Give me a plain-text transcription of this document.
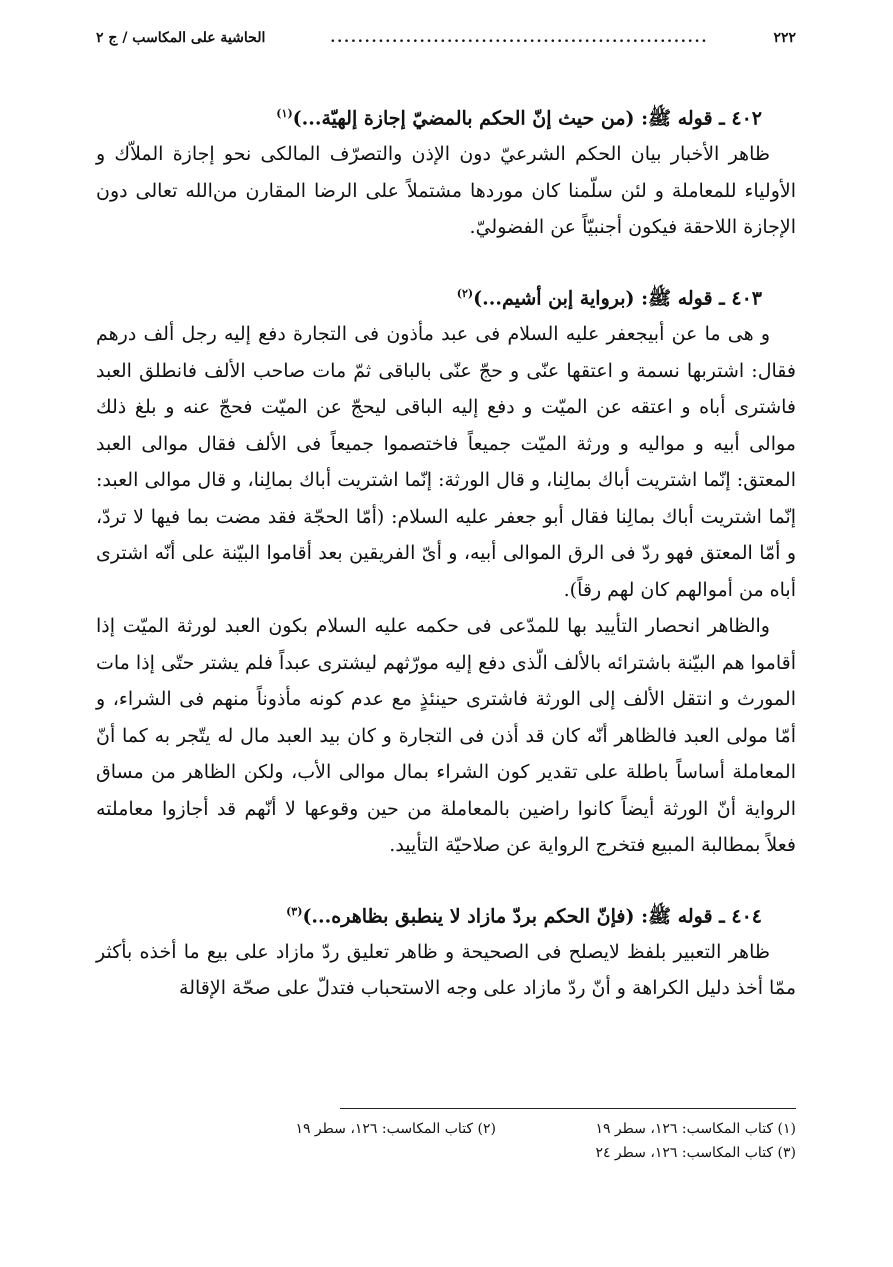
٢٢٢
.......................................................
الحاشية على المكاسب / ج ٢

٤٠٢ ـ قوله ﷺ: (من حيث إنّ الحكم بالمضيّ إجازة إلهيّة...)$^{(١)}$

ظاهر الأخبار بيان الحكم الشرعيّ دون الإذن والتصرّف المالكى نحو إجازة الملاّك و الأولياء للمعاملة و لئن سلّمنا كان موردها مشتملاً على الرضا المقارن من‌الله تعالى دون الإجازة اللاحقة فيكون أجنبيّاً عن الفضوليّ.

٤٠٣ ـ قوله ﷺ: (برواية إبن أشيم...)$^{(٢)}$

و هى ما عن أبيجعفر عليه السلام فى عبد مأذون فى التجارة دفع إليه رجل ألف درهم فقال: اشتربها نسمة و اعتقها عنّى و حجّ عنّى بالباقى ثمّ مات صاحب الألف فانطلق العبد فاشترى أباه و اعتقه عن الميّت و دفع إليه الباقى ليحجّ عن الميّت فحجّ عنه و بلغ ذلك موالى أبيه و مواليه و ورثة الميّت جميعاً فاختصموا جميعاً فى الألف فقال موالى العبد المعتق: إنّما اشتريت أباك بمالِنا، و قال الورثة: إنّما اشتريت أباك بمالِنا، و قال موالى العبد: إنّما اشتريت أباك بمالِنا فقال أبو جعفر عليه السلام: (أمّا الحجّة فقد مضت بما فيها لا تردّ، و أمّا المعتق فهو ردّ فى الرق الموالى أبيه، و أىّ الفريقين بعد أقاموا البيّنة على أنّه اشترى أباه من أموالهم كان لهم رقاً).

والظاهر انحصار التأييد بها للمدّعى فى حكمه عليه السلام بكون العبد لورثة الميّت إذا أقاموا هم البيّنة باشترائه بالألف الّذى دفع إليه مورّثهم ليشترى عبداً فلم يشتر حتّى إذا مات المورث و انتقل الألف إلى الورثة فاشترى حينئذٍ مع عدم كونه مأذوناً منهم فى الشراء، و أمّا مولى العبد فالظاهر أنّه كان قد أذن فى التجارة و كان بيد العبد مال له يتّجر به كما أنّ المعاملة أساساً باطلة على تقدير كون الشراء بمال موالى الأب، ولكن الظاهر من مساق الرواية أنّ الورثة أيضاً كانوا راضين بالمعاملة من حين وقوعها لا أنّهم قد أجازوا معاملته فعلاً بمطالبة المبيع فتخرج الرواية عن صلاحيّة التأييد.

٤٠٤ ـ قوله ﷺ: (فإنّ الحكم بردّ مازاد لا ينطبق بظاهره...)$^{(٣)}$

ظاهر التعبير بلفظ لايصلح فى الصحيحة و ظاهر تعليق ردّ مازاد على بيع ما أخذه بأكثر ممّا أخذ دليل الكراهة و أنّ ردّ مازاد على وجه الاستحباب فتدلّ على صحّة الإقالة

(١) كتاب المكاسب: ١٢٦، سطر ١٩
(٢) كتاب المكاسب: ١٢٦، سطر ١٩
(٣) كتاب المكاسب: ١٢٦، سطر ٢٤
